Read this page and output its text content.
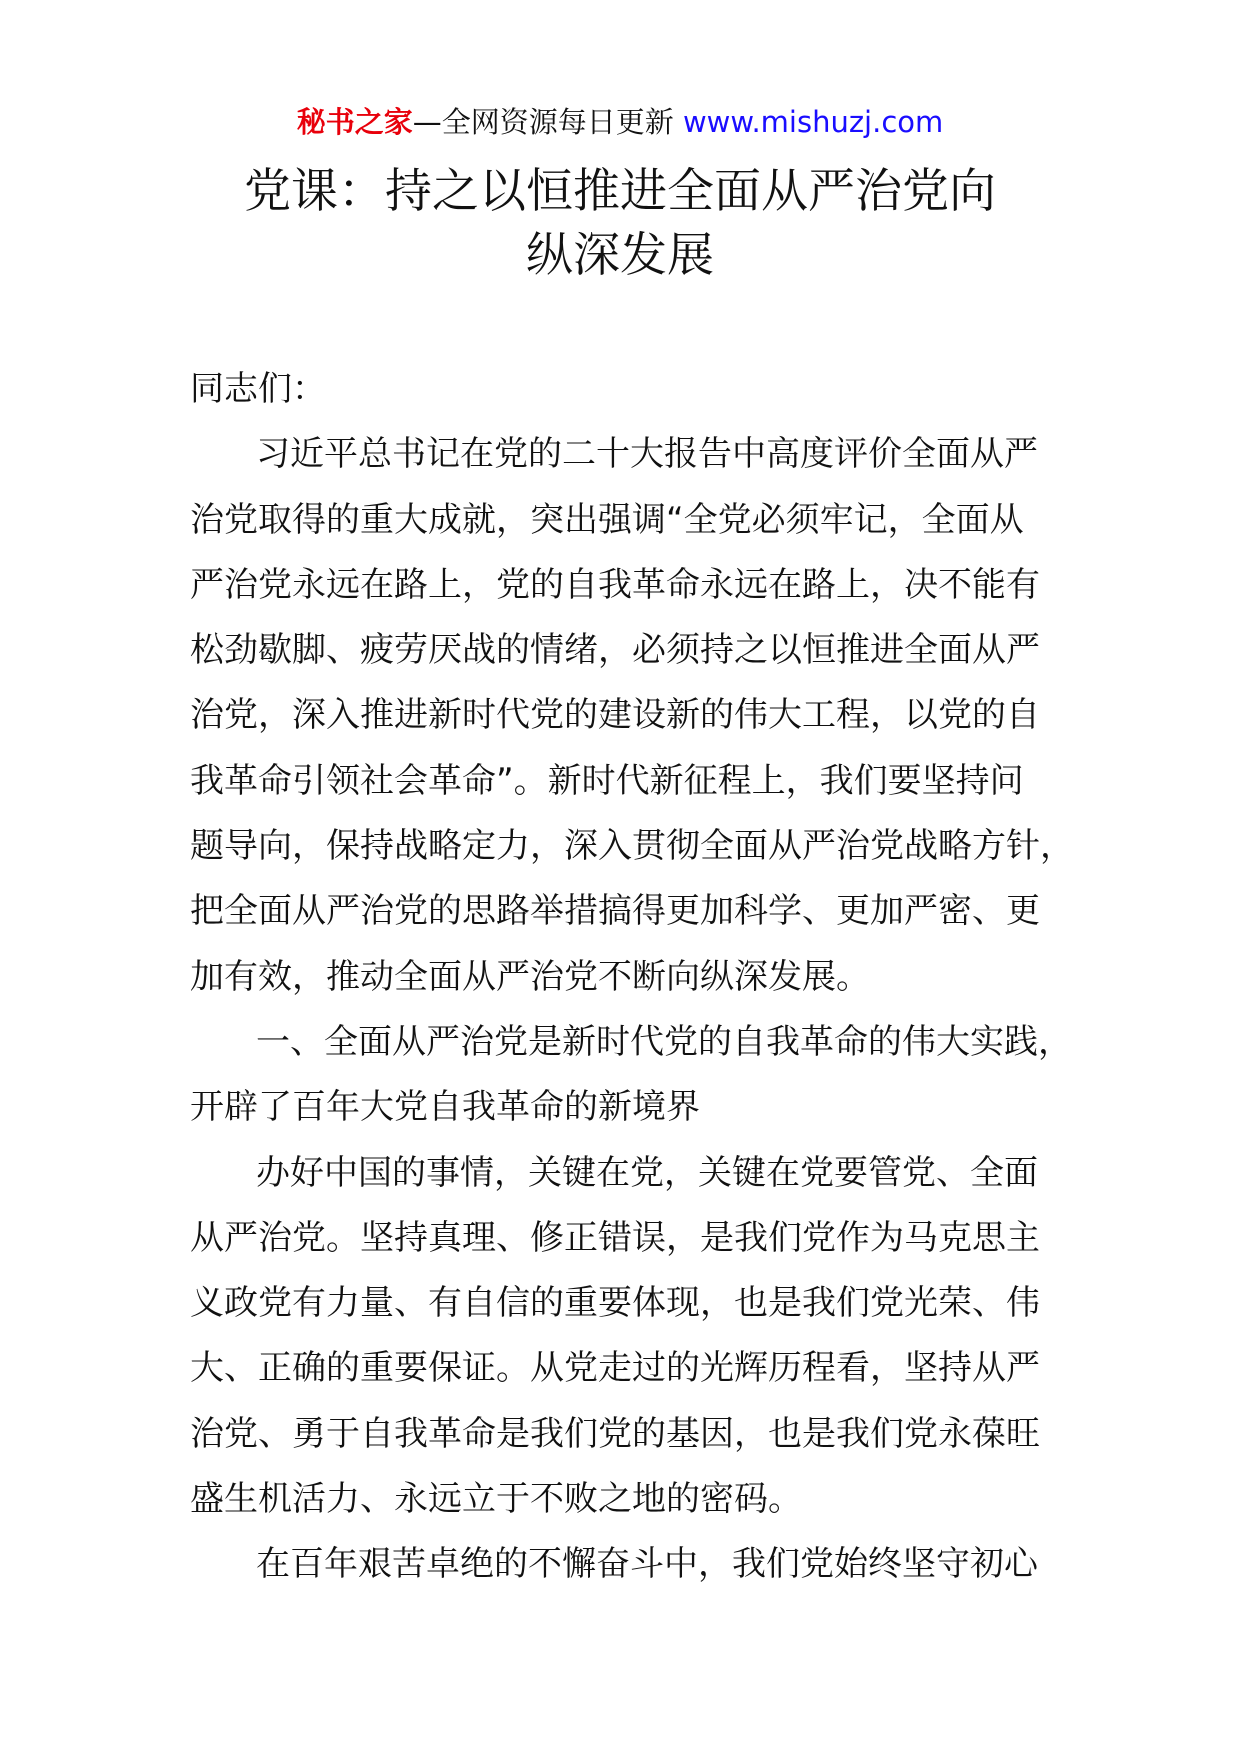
秘书之家—全网资源每日更新 www.mishuzj.com
党课：持之以恒推进全面从严治党向
纵深发展
同志们：
习近平总书记在党的二十大报告中高度评价全面从严
治党取得的重大成就，突出强调“全党必须牢记，全面从
严治党永远在路上，党的自我革命永远在路上，决不能有
松劲歇脚、疲劳厌战的情绪，必须持之以恒推进全面从严
治党，深入推进新时代党的建设新的伟大工程，以党的自
我革命引领社会革命”。新时代新征程上，我们要坚持问
题导向，保持战略定力，深入贯彻全面从严治党战略方针，
把全面从严治党的思路举措搞得更加科学、更加严密、更
加有效，推动全面从严治党不断向纵深发展。
一、全面从严治党是新时代党的自我革命的伟大实践，
开辟了百年大党自我革命的新境界
办好中国的事情，关键在党，关键在党要管党、全面
从严治党。坚持真理、修正错误，是我们党作为马克思主
义政党有力量、有自信的重要体现，也是我们党光荣、伟
大、正确的重要保证。从党走过的光辉历程看，坚持从严
治党、勇于自我革命是我们党的基因，也是我们党永葆旺
盛生机活力、永远立于不败之地的密码。
在百年艰苦卓绝的不懈奋斗中，我们党始终坚守初心
